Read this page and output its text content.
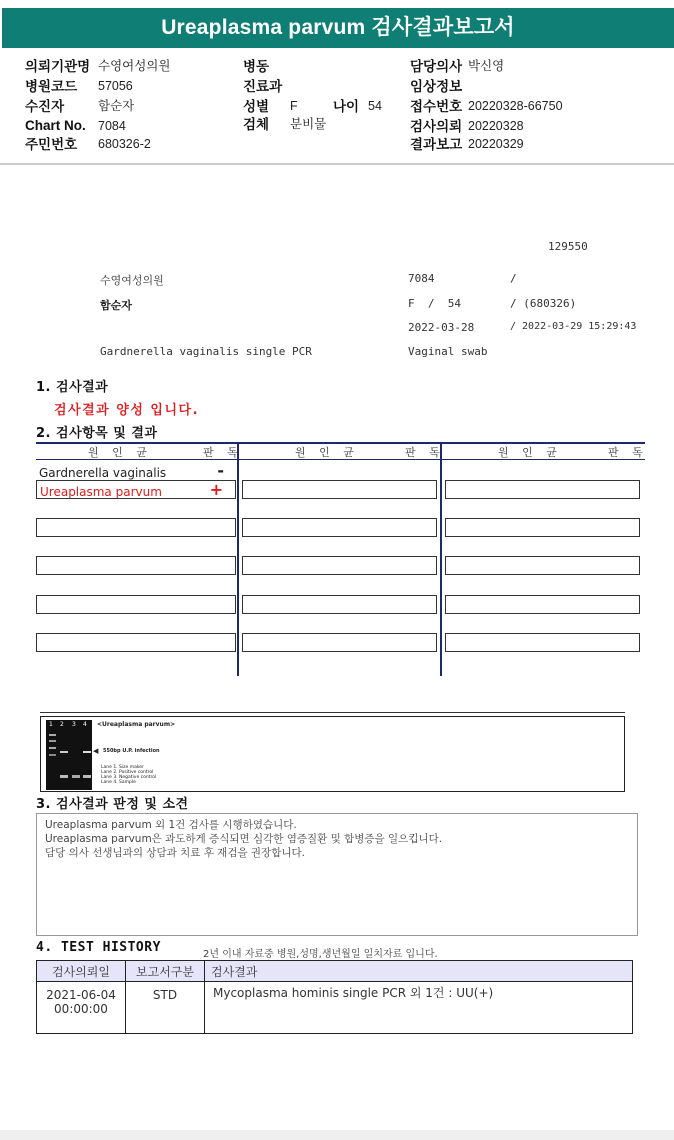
Ureaplasma parvum 검사결과보고서
의뢰기관명 수영여성의원
병원코드 57056
수진자	함순자
Chart No. 7084
주민번호 680326-2
병동
진료과
성별 F	나이 54
검체 분비물
담당의사 박신영
임상정보
접수번호 20220328-66750
검사의뢰 20220328
결과보고 20220329
129550
수영여성의원	7084	/
함순자	F  /  54	/ (680326)
2022-03-28	/ 2022-03-29 15:29:43
Gardnerella vaginalis single PCR	Vaginal swab
1. 검사결과
검사결과 양성 입니다.
2. 검사항목 및 결과
원 인 균	판 독	원 인 균	판 독	원 인 균	판 독
Gardnerella vaginalis	-
Ureaplasma parvum	+
1 2 3 4 <Ureaplasma parvum>
◀ 550bp U.P. infection
Lane 1. Size maker
Lane 2. Positive control
Lane 3. Negative control
Lane 4. Sample
3. 검사결과 판정 및 소견
Ureaplasma parvum 외 1건 검사를 시행하였습니다.
Ureaplasma parvum은 과도하게 증식되면 심각한 염증질환 및 합병증을 일으킵니다.
담당 의사 선생님과의 상담과 치료 후 재검을 권장합니다.
4. TEST HISTORY	2년 이내 자료중 병원,성명,생년월일 일치자료 입니다.
검사의뢰일	보고서구분	검사결과

2021-06-04
00:00:00	STD	Mycoplasma hominis single PCR 외 1건 : UU(+)
